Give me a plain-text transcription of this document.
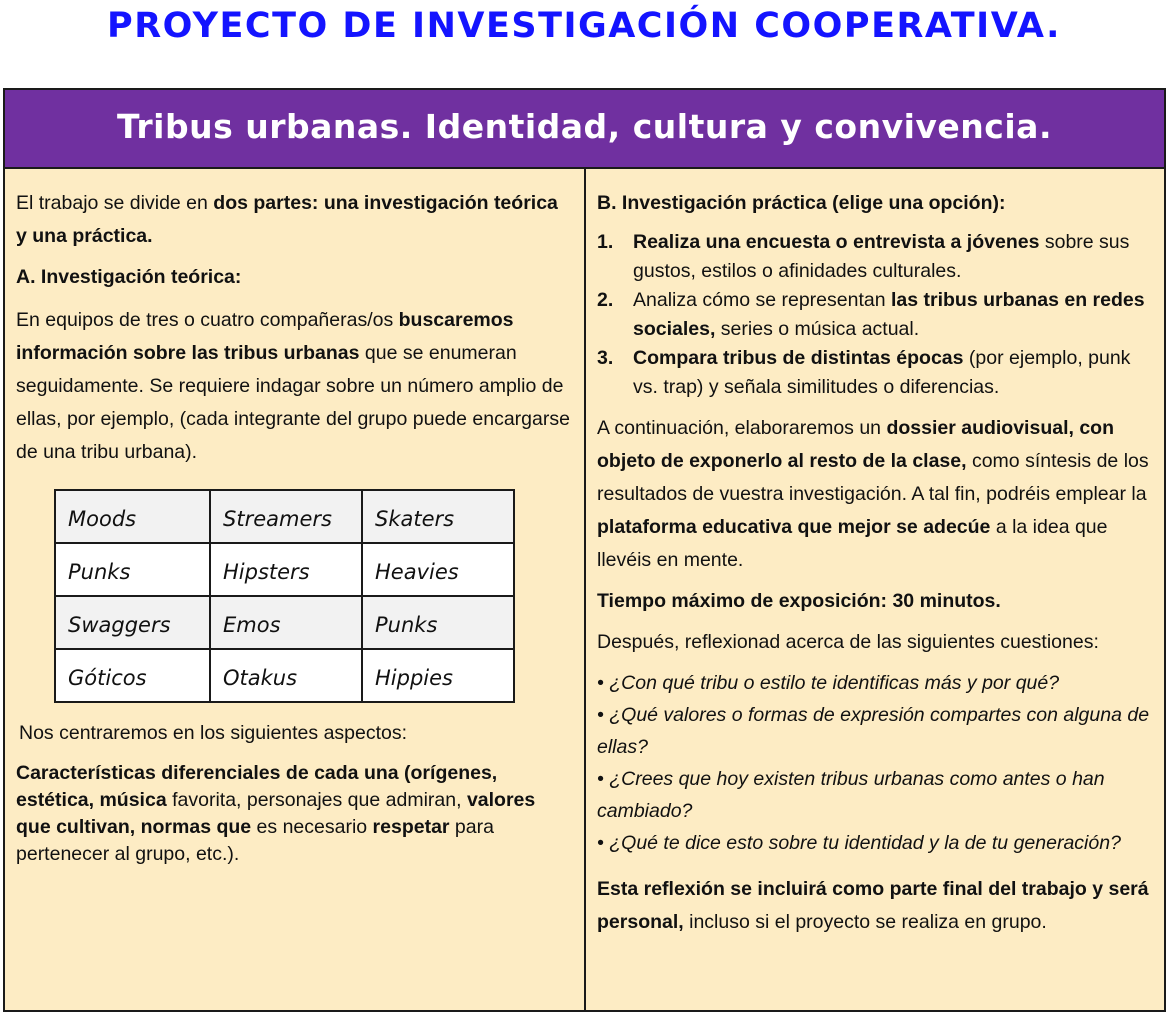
PROYECTO DE INVESTIGACIÓN COOPERATIVA.
Tribus urbanas. Identidad, cultura y convivencia.

El trabajo se divide en dos partes: una investigación teórica y una práctica.

A. Investigación teórica:

En equipos de tres o cuatro compañeras/os buscaremos información sobre las tribus urbanas que se enumeran seguidamente. Se requiere indagar sobre un número amplio de ellas, por ejemplo, (cada integrante del grupo puede encargarse de una tribu urbana).

Moods	Streamers	Skaters
Punks	Hipsters	Heavies
Swaggers	Emos	Punks
Góticos	Otakus	Hippies

Nos centraremos en los siguientes aspectos:

Características diferenciales de cada una (orígenes, estética, música favorita, personajes que admiran, valores que cultivan, normas que es necesario respetar para pertenecer al grupo, etc.).

B. Investigación práctica (elige una opción):

1.	Realiza una encuesta o entrevista a jóvenes sobre sus gustos, estilos o afinidades culturales.
2.	Analiza cómo se representan las tribus urbanas en redes sociales, series o música actual.
3.	Compara tribus de distintas épocas (por ejemplo, punk vs. trap) y señala similitudes o diferencias.

A continuación, elaboraremos un dossier audiovisual, con objeto de exponerlo al resto de la clase, como síntesis de los resultados de vuestra investigación. A tal fin, podréis emplear la plataforma educativa que mejor se adecúe a la idea que llevéis en mente.

Tiempo máximo de exposición: 30 minutos.

Después, reflexionad acerca de las siguientes cuestiones:

• ¿Con qué tribu o estilo te identificas más y por qué?

• ¿Qué valores o formas de expresión compartes con alguna de ellas?

• ¿Crees que hoy existen tribus urbanas como antes o han cambiado?

• ¿Qué te dice esto sobre tu identidad y la de tu generación?

Esta reflexión se incluirá como parte final del trabajo y será personal, incluso si el proyecto se realiza en grupo.
